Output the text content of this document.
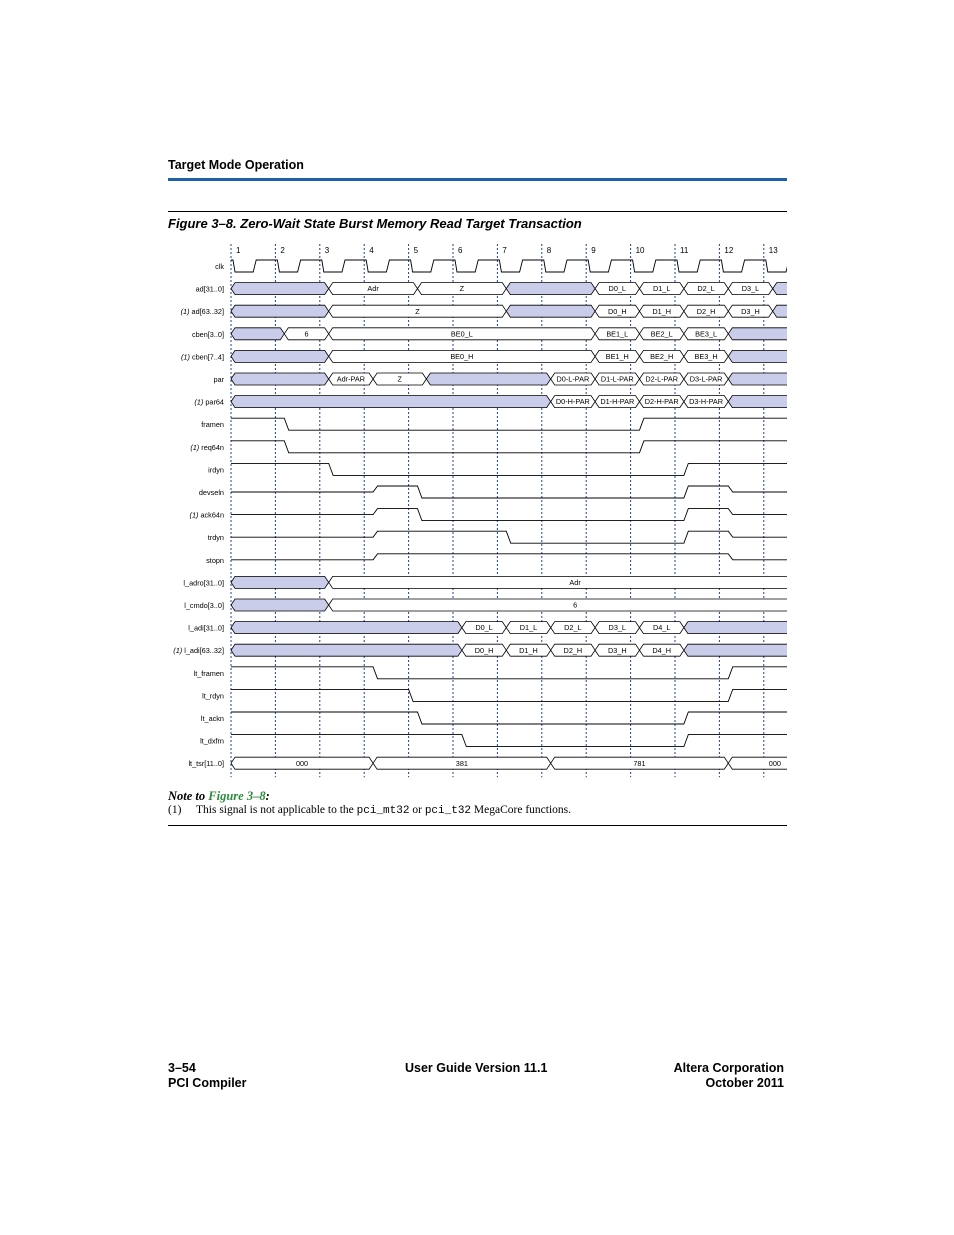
Target Mode Operation
Figure 3–8. Zero-Wait State Burst Memory Read Target Transaction
1	2	3	4	5	6	7	8	9	10	11	12	13
clk
ad[31..0]	Adr	Z	D0_L	D1_L	D2_L	D3_L
(1) ad[63..32]	Z	D0_H	D1_H	D2_H	D3_H
cben[3..0]	6	BE0_L	BE1_L	BE2_L	BE3_L
(1) cben[7..4]	BE0_H	BE1_H	BE2_H	BE3_H
par	Adr-PAR	Z	D0-L-PAR D1-L-PAR D2-L-PAR D3-L-PAR
(1) par64	D0-H-PAR D1-H-PAR D2-H-PAR D3-H-PAR
framen
(1) req64n
irdyn
devseln
(1) ack64n
trdyn
stopn
l_adro[31..0]	Adr
l_cmdo[3..0]	6
l_adi[31..0]	D0_L	D1_L	D2_L	D3_L	D4_L
(1) l_adi[63..32]	D0_H	D1_H	D2_H	D3_H	D4_H
lt_framen
lt_rdyn
lt_ackn
lt_dxfrn
lt_tsr[11..0]	000	381	781	000
Note to Figure 3–8:
(1) This signal is not applicable to the pci_mt32 or pci_t32 MegaCore functions.
3–54
PCI Compiler
User Guide Version 11.1	Altera Corporation
October 2011
